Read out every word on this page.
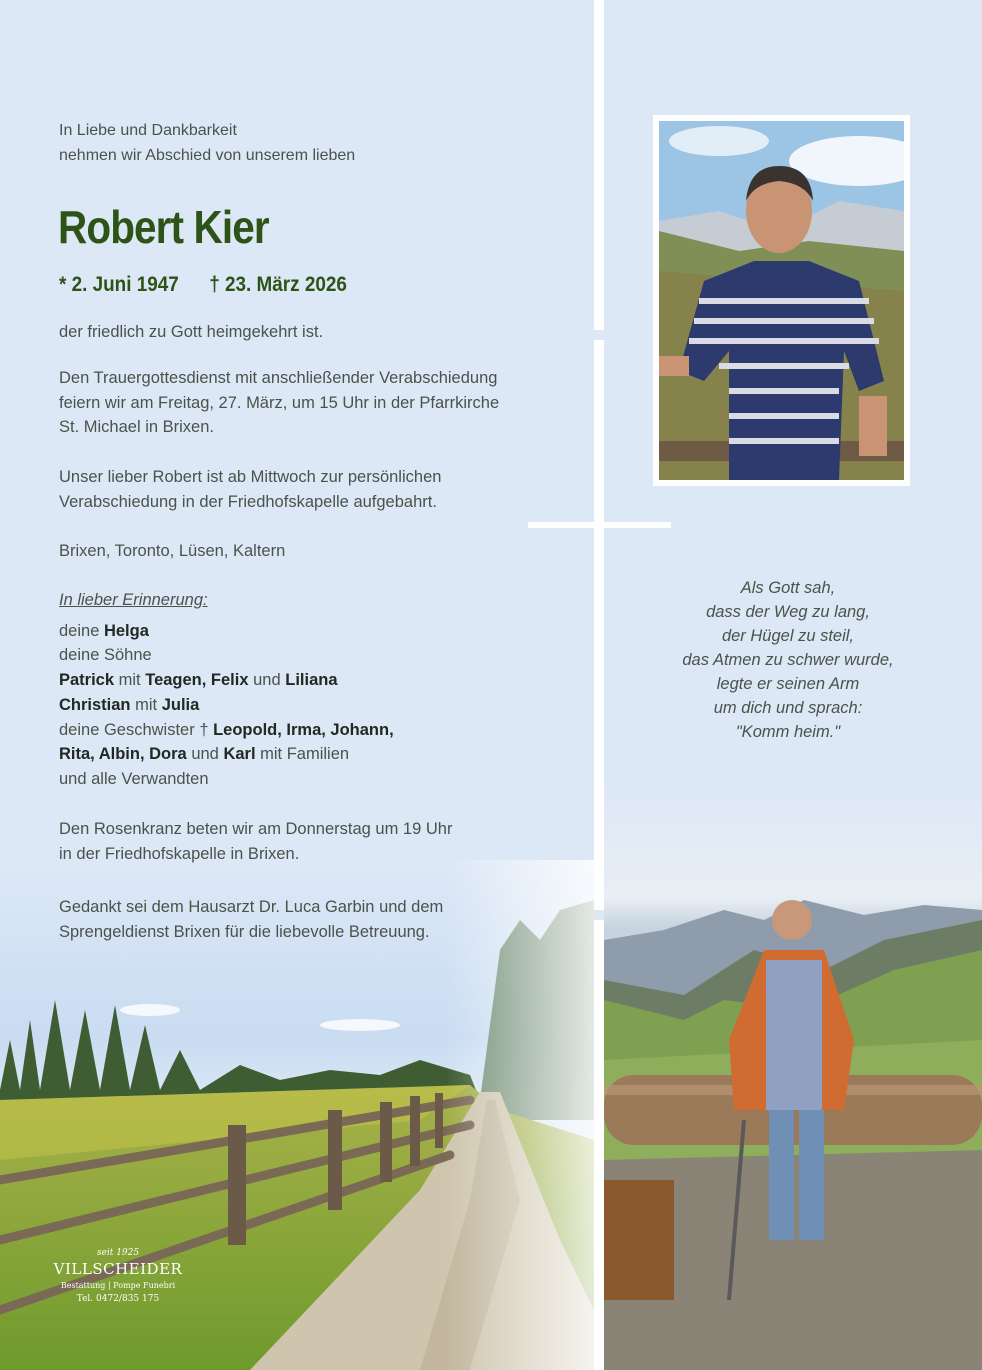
In Liebe und Dankbarkeit
nehmen wir Abschied von unserem lieben
Robert Kier
* 2. Juni 1947 † 23. März 2026
der friedlich zu Gott heimgekehrt ist.
Den Trauergottesdienst mit anschließender Verabschiedung
feiern wir am Freitag, 27. März, um 15 Uhr in der Pfarrkirche
St. Michael in Brixen.
Unser lieber Robert ist ab Mittwoch zur persönlichen
Verabschiedung in der Friedhofskapelle aufgebahrt.
Brixen, Toronto, Lüsen, Kaltern
In lieber Erinnerung:
deine Helga
deine Söhne
Patrick mit Teagen, Felix und Liliana
Christian mit Julia
deine Geschwister † Leopold, Irma, Johann,
Rita, Albin, Dora und Karl mit Familien
und alle Verwandten
Den Rosenkranz beten wir am Donnerstag um 19 Uhr
in der Friedhofskapelle in Brixen.
Gedankt sei dem Hausarzt Dr. Luca Garbin und dem
Sprengeldienst Brixen für die liebevolle Betreuung.
Als Gott sah,
dass der Weg zu lang,
der Hügel zu steil,
das Atmen zu schwer wurde,
legte er seinen Arm
um dich und sprach:
"Komm heim."
seit 1925
VILLSCHEIDER
Bestattung | Pompe Funebri
Tel. 0472/835 175
